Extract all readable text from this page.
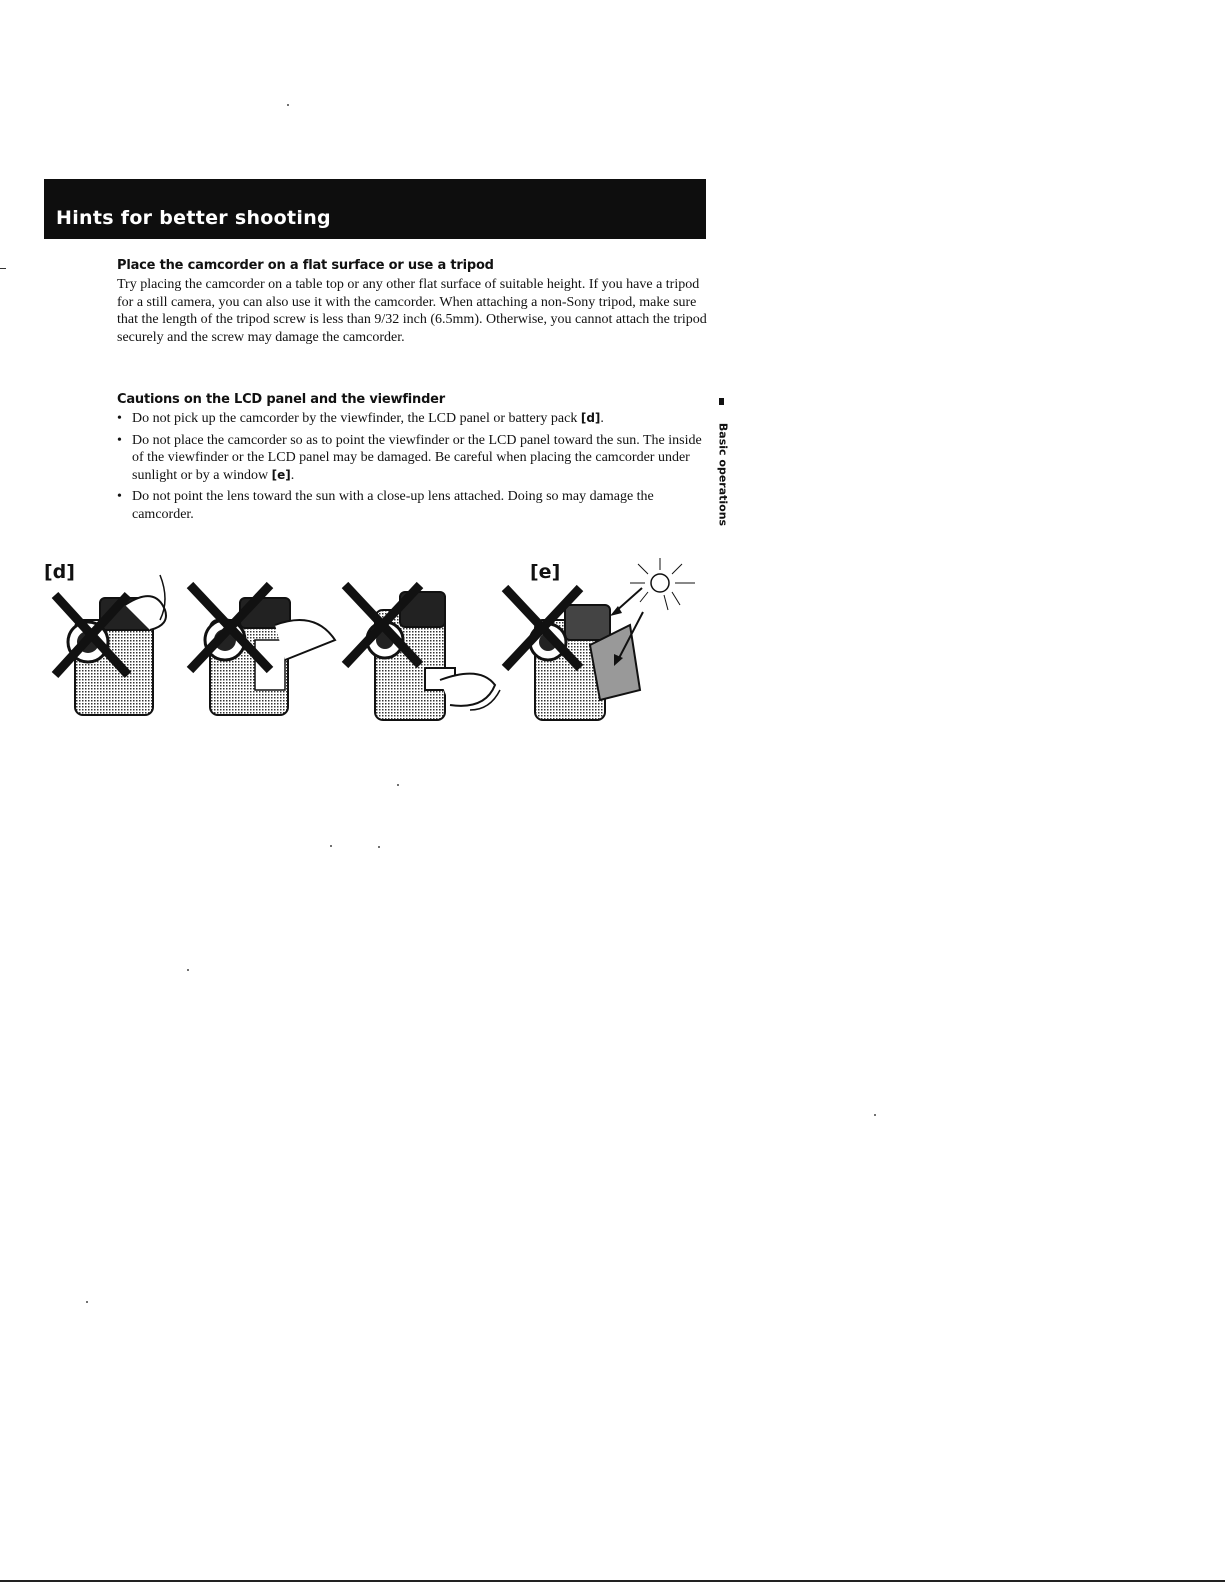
Hints for better shooting

Place the camcorder on a flat surface or use a tripod

Try placing the camcorder on a table top or any other flat surface of suitable height. If you have a tripod for a still camera, you can also use it with the camcorder. When attaching a non-Sony tripod, make sure that the length of the tripod screw is less than 9/32 inch (6.5mm). Otherwise, you cannot attach the tripod securely and the screw may damage the camcorder.

Cautions on the LCD panel and the viewfinder

• Do not pick up the camcorder by the viewfinder, the LCD panel or battery pack [d].
• Do not place the camcorder so as to point the viewfinder or the LCD panel toward the sun. The inside of the viewfinder or the LCD panel may be damaged. Be careful when placing the camcorder under sunlight or by a window [e].
• Do not point the lens toward the sun with a close-up lens attached. Doing so may damage the camcorder.	Basic operations
[d]	[e]
